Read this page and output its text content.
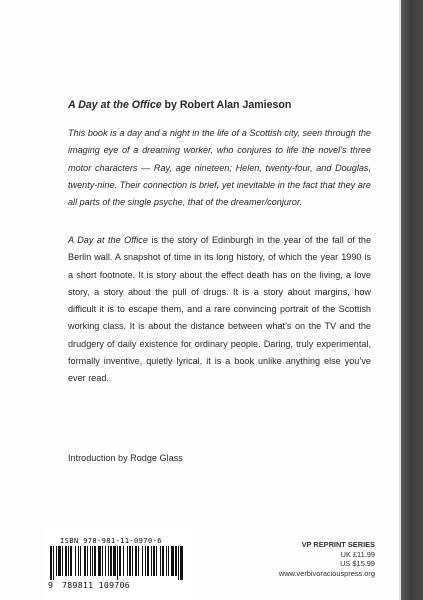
A Day at the Office by Robert Alan Jamieson

This book is a day and a night in the life of a Scottish city, seen through the imaging eye of a dreaming worker, who conjures to life the novel’s three motor characters — Ray, age nineteen; Helen, twenty-four, and Douglas, twenty-nine. Their connection is brief, yet inevitable in the fact that they are all parts of the single psyche, that of the dreamer/conjuror.

A Day at the Office is the story of Edinburgh in the year of the fall of the Berlin wall. A snapshot of time in its long history, of which the year 1990 is a short footnote. It is story about the effect death has on the living, a love story, a story about the pull of drugs. It is a story about margins, how difficult it is to escape them, and a rare convincing portrait of the Scottish working class. It is about the distance between what’s on the TV and the drudgery of daily existence for ordinary people. Daring, truly experimental, formally inventive, quietly lyrical, it is a book unlike anything else you’ve ever read.

Introduction by Rodge Glass

ISBN 978-981-11-0970-6
9 789811 109706
VP REPRINT SERIES
UK £11.99
US $15.99
www.verbivoraciouspress.org
